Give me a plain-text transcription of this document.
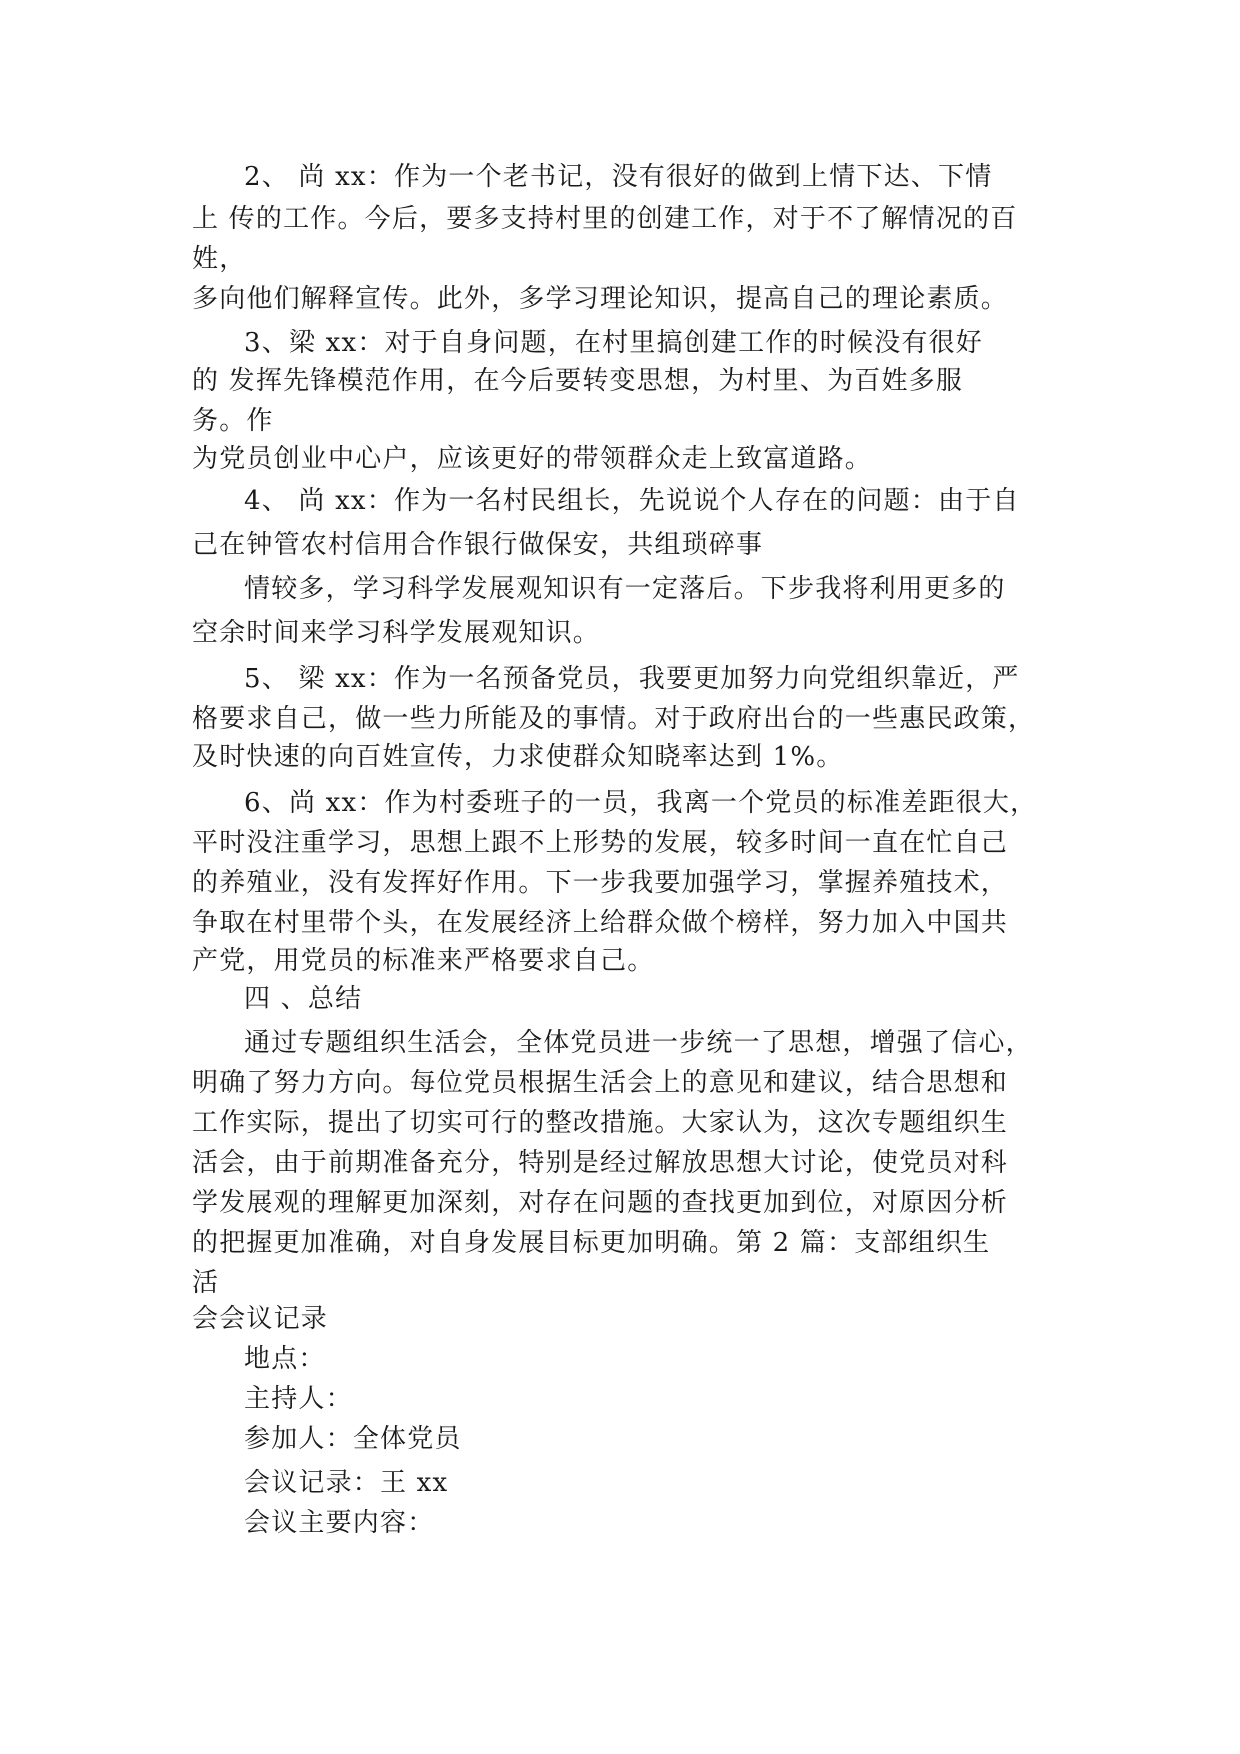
2、 尚 xx：作为一个老书记，没有很好的做到上情下达、下情
上 传的工作。今后，要多支持村里的创建工作，对于不了解情况的百
姓，
多向他们解释宣传。此外，多学习理论知识，提高自己的理论素质。
3、梁 xx：对于自身问题，在村里搞创建工作的时候没有很好
的 发挥先锋模范作用，在今后要转变思想，为村里、为百姓多服
务。作
为党员创业中心户，应该更好的带领群众走上致富道路。
4、 尚 xx：作为一名村民组长，先说说个人存在的问题：由于自
己在钟管农村信用合作银行做保安，共组琐碎事
情较多，学习科学发展观知识有一定落后。下步我将利用更多的
空余时间来学习科学发展观知识。
5、 梁 xx：作为一名预备党员，我要更加努力向党组织靠近，严
格要求自己，做一些力所能及的事情。对于政府出台的一些惠民政策，
及时快速的向百姓宣传，力求使群众知晓率达到 1%。
6、尚 xx：作为村委班子的一员，我离一个党员的标准差距很大，
平时没注重学习，思想上跟不上形势的发展，较多时间一直在忙自己
的养殖业，没有发挥好作用。下一步我要加强学习，掌握养殖技术，
争取在村里带个头，在发展经济上给群众做个榜样，努力加入中国共
产党，用党员的标准来严格要求自己。
四 、总结
通过专题组织生活会，全体党员进一步统一了思想，增强了信心，
明确了努力方向。每位党员根据生活会上的意见和建议，结合思想和
工作实际，提出了切实可行的整改措施。大家认为，这次专题组织生
活会，由于前期准备充分，特别是经过解放思想大讨论，使党员对科
学发展观的理解更加深刻，对存在问题的查找更加到位，对原因分析
的把握更加准确，对自身发展目标更加明确。第 2 篇：支部组织生
活
会会议记录
地点：
主持人：
参加人：全体党员
会议记录：王 xx
会议主要内容：
